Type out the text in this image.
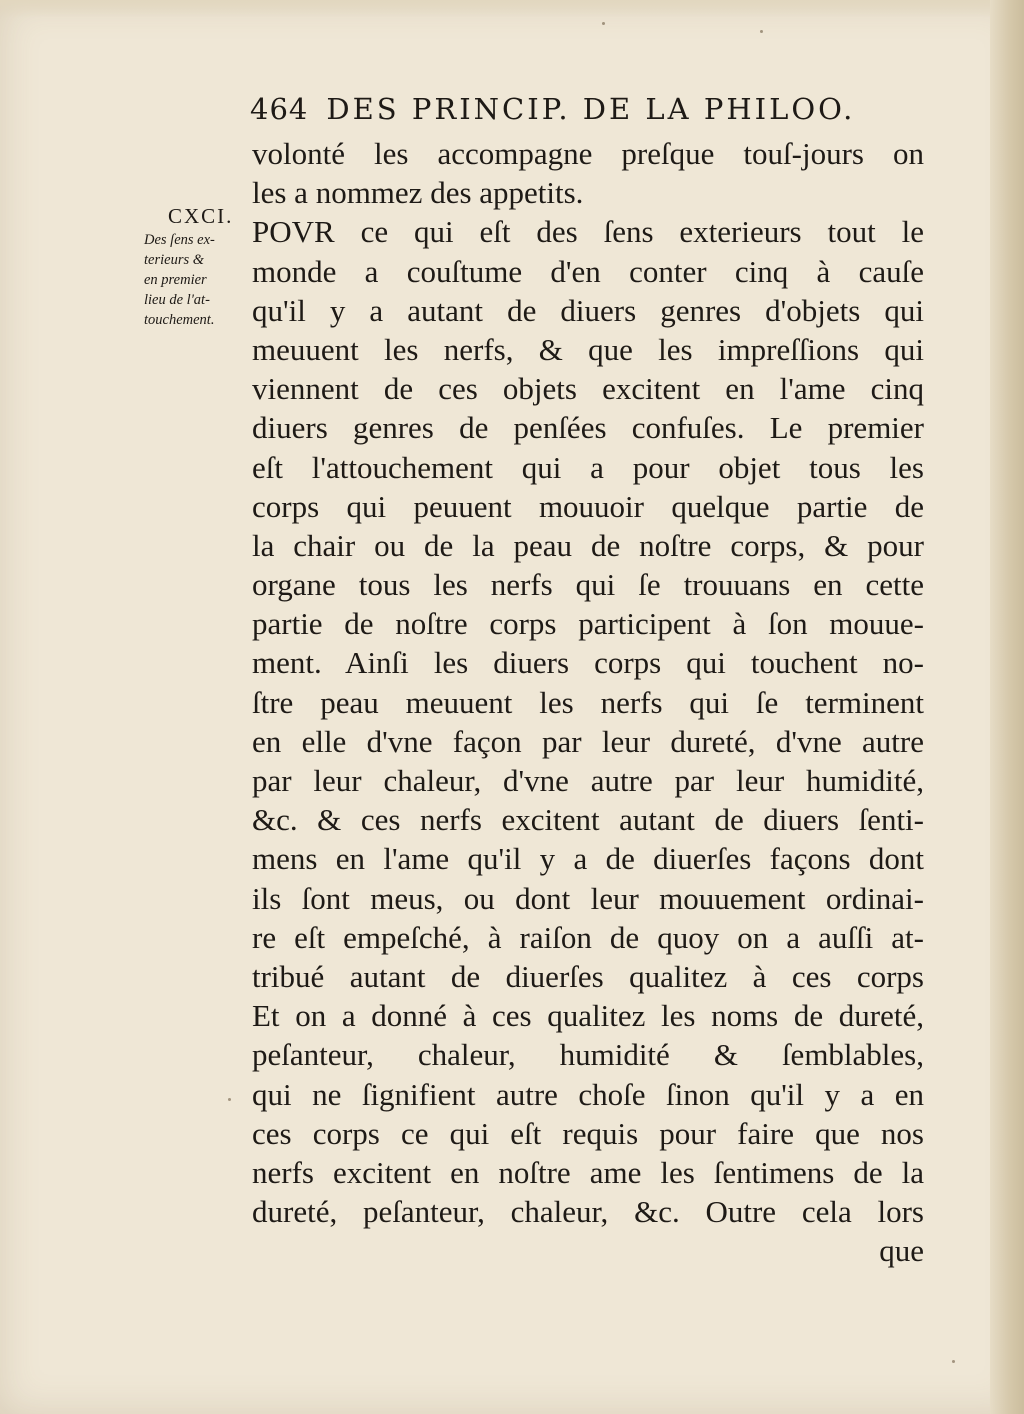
464 DES PRINCIP. DE LA PHILOO.
CXCI.
Des ſens ex-
terieurs &
en premier
lieu de l'at-
touchement.
volonté les accompagne preſque touſ-jours on
les a nommez des appetits.
POVR ce qui eſt des ſens exterieurs tout le
monde a couſtume d'en conter cinq à cauſe
qu'il y a autant de diuers genres d'objets qui
meuuent les nerfs, & que les impreſſions qui
viennent de ces objets excitent en l'ame cinq
diuers genres de penſées confuſes. Le premier
eſt l'attouchement qui a pour objet tous les
corps qui peuuent mouuoir quelque partie de
la chair ou de la peau de noſtre corps, & pour
organe tous les nerfs qui ſe trouuans en cette
partie de noſtre corps participent à ſon mouue-
ment. Ainſi les diuers corps qui touchent no-
ſtre peau meuuent les nerfs qui ſe terminent
en elle d'vne façon par leur dureté, d'vne autre
par leur chaleur, d'vne autre par leur humidité,
&c. & ces nerfs excitent autant de diuers ſenti-
mens en l'ame qu'il y a de diuerſes façons dont
ils ſont meus, ou dont leur mouuement ordinai-
re eſt empeſché, à raiſon de quoy on a auſſi at-
tribué autant de diuerſes qualitez à ces corps
Et on a donné à ces qualitez les noms de dureté,
peſanteur, chaleur, humidité & ſemblables,
qui ne ſignifient autre choſe ſinon qu'il y a en
ces corps ce qui eſt requis pour faire que nos
nerfs excitent en noſtre ame les ſentimens de la
dureté, peſanteur, chaleur, &c. Outre cela lors
que
